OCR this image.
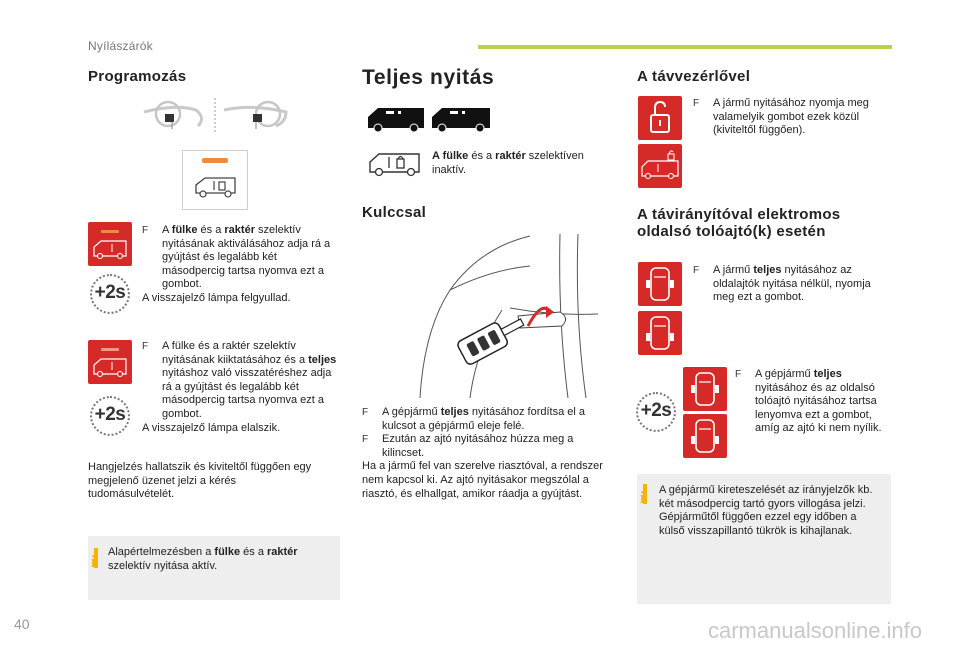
Nyílászárók
Programozás
+2s
F A fülke és a raktér szelektív nyitásának aktiválásához adja rá a gyújtást és legalább két másodpercig tartsa nyomva ezt a gombot.
A visszajelző lámpa felgyullad.
+2s
F A fülke és a raktér szelektív nyitásának kiiktatásához és a teljes nyitáshoz való visszatéréshez adja rá a gyújtást és legalább két másodpercig tartsa nyomva ezt a gombot.
A visszajelző lámpa elalszik.
Hangjelzés hallatszik és kiviteltől függően egy megjelenő üzenet jelzi a kérés tudomásulvételét.
i Alapértelmezésben a fülke és a raktér szelektív nyitása aktív.
Teljes nyitás
A fülke és a raktér szelektíven inaktív.
Kulccsal
F A gépjármű teljes nyitásához fordítsa el a kulcsot a gépjármű eleje felé.
F Ezután az ajtó nyitásához húzza meg a kilincset.
Ha a jármű fel van szerelve riasztóval, a rendszer nem kapcsol ki. Az ajtó nyitásakor megszólal a riasztó, és elhallgat, amikor ráadja a gyújtást.
A távvezérlővel
F A jármű nyitásához nyomja meg valamelyik gombot ezek közül (kiviteltől függően).
A távirányítóval elektromos
oldalsó tolóajtó(k) esetén
F A jármű teljes nyitásához az oldalajtók nyitása nélkül, nyomja meg ezt a gombot.
+2s
F A gépjármű teljes nyitásához és az oldalsó tolóajtó nyitásához tartsa lenyomva ezt a gombot, amíg az ajtó ki nem nyílik.
i A gépjármű kireteszelését az irányjelzők kb. két másodpercig tartó gyors villogása jelzi.
Gépjárműtől függően ezzel egy időben a külső visszapillantó tükrök is kihajlanak.
40	carmanualsonline.info
